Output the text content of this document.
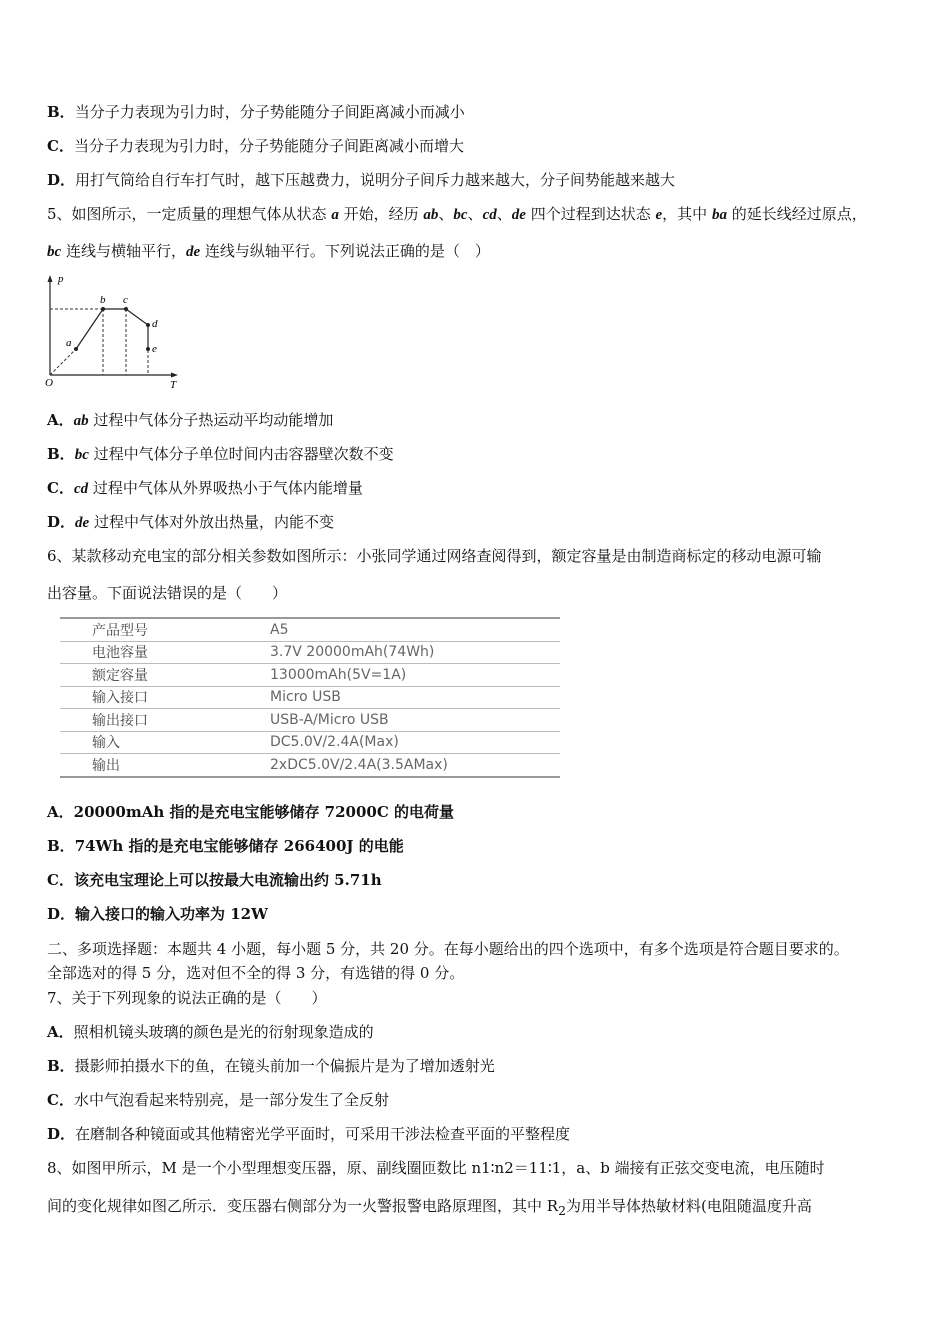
B．当分子力表现为引力时，分子势能随分子间距离减小而减小
C．当分子力表现为引力时，分子势能随分子间距离减小而增大
D．用打气筒给自行车打气时，越下压越费力，说明分子间斥力越来越大，分子间势能越来越大
5、如图所示，一定质量的理想气体从状态 a 开始，经历 ab、bc、cd、de 四个过程到达状态 e，其中 ba 的延长线经过原点，
bc 连线与横轴平行，de 连线与纵轴平行。下列说法正确的是（　）
p
T
O
a
b c
d
e
A．ab 过程中气体分子热运动平均动能增加
B．bc 过程中气体分子单位时间内击容器壁次数不变
C．cd 过程中气体从外界吸热小于气体内能增量
D．de 过程中气体对外放出热量，内能不变
6、某款移动充电宝的部分相关参数如图所示：小张同学通过网络查阅得到，额定容量是由制造商标定的移动电源可输
出容量。下面说法错误的是（　　）
产品型号	A5
电池容量	3.7V 20000mAh(74Wh)
额定容量	13000mAh(5V=1A)
输入接口	Micro USB
输出接口	USB-A/Micro USB
输入	DC5.0V/2.4A(Max)
输出	2xDC5.0V/2.4A(3.5AMax)
A．20000mAh 指的是充电宝能够储存 72000C 的电荷量
B．74Wh 指的是充电宝能够储存 266400J 的电能
C．该充电宝理论上可以按最大电流输出约 5.71h
D．输入接口的输入功率为 12W
二、多项选择题：本题共 4 小题，每小题 5 分，共 20 分。在每小题给出的四个选项中，有多个选项是符合题目要求的。
全部选对的得 5 分，选对但不全的得 3 分，有选错的得 0 分。
7、关于下列现象的说法正确的是（　　）
A．照相机镜头玻璃的颜色是光的衍射现象造成的
B．摄影师拍摄水下的鱼，在镜头前加一个偏振片是为了增加透射光
C．水中气泡看起来特别亮，是一部分发生了全反射
D．在磨制各种镜面或其他精密光学平面时，可采用干涉法检查平面的平整程度
8、如图甲所示，M 是一个小型理想变压器，原、副线圈匝数比 n1∶n2＝11∶1，a、b 端接有正弦交变电流，电压随时
间的变化规律如图乙所示．变压器右侧部分为一火警报警电路原理图，其中 $R_2$为用半导体热敏材料(电阻随温度升高
